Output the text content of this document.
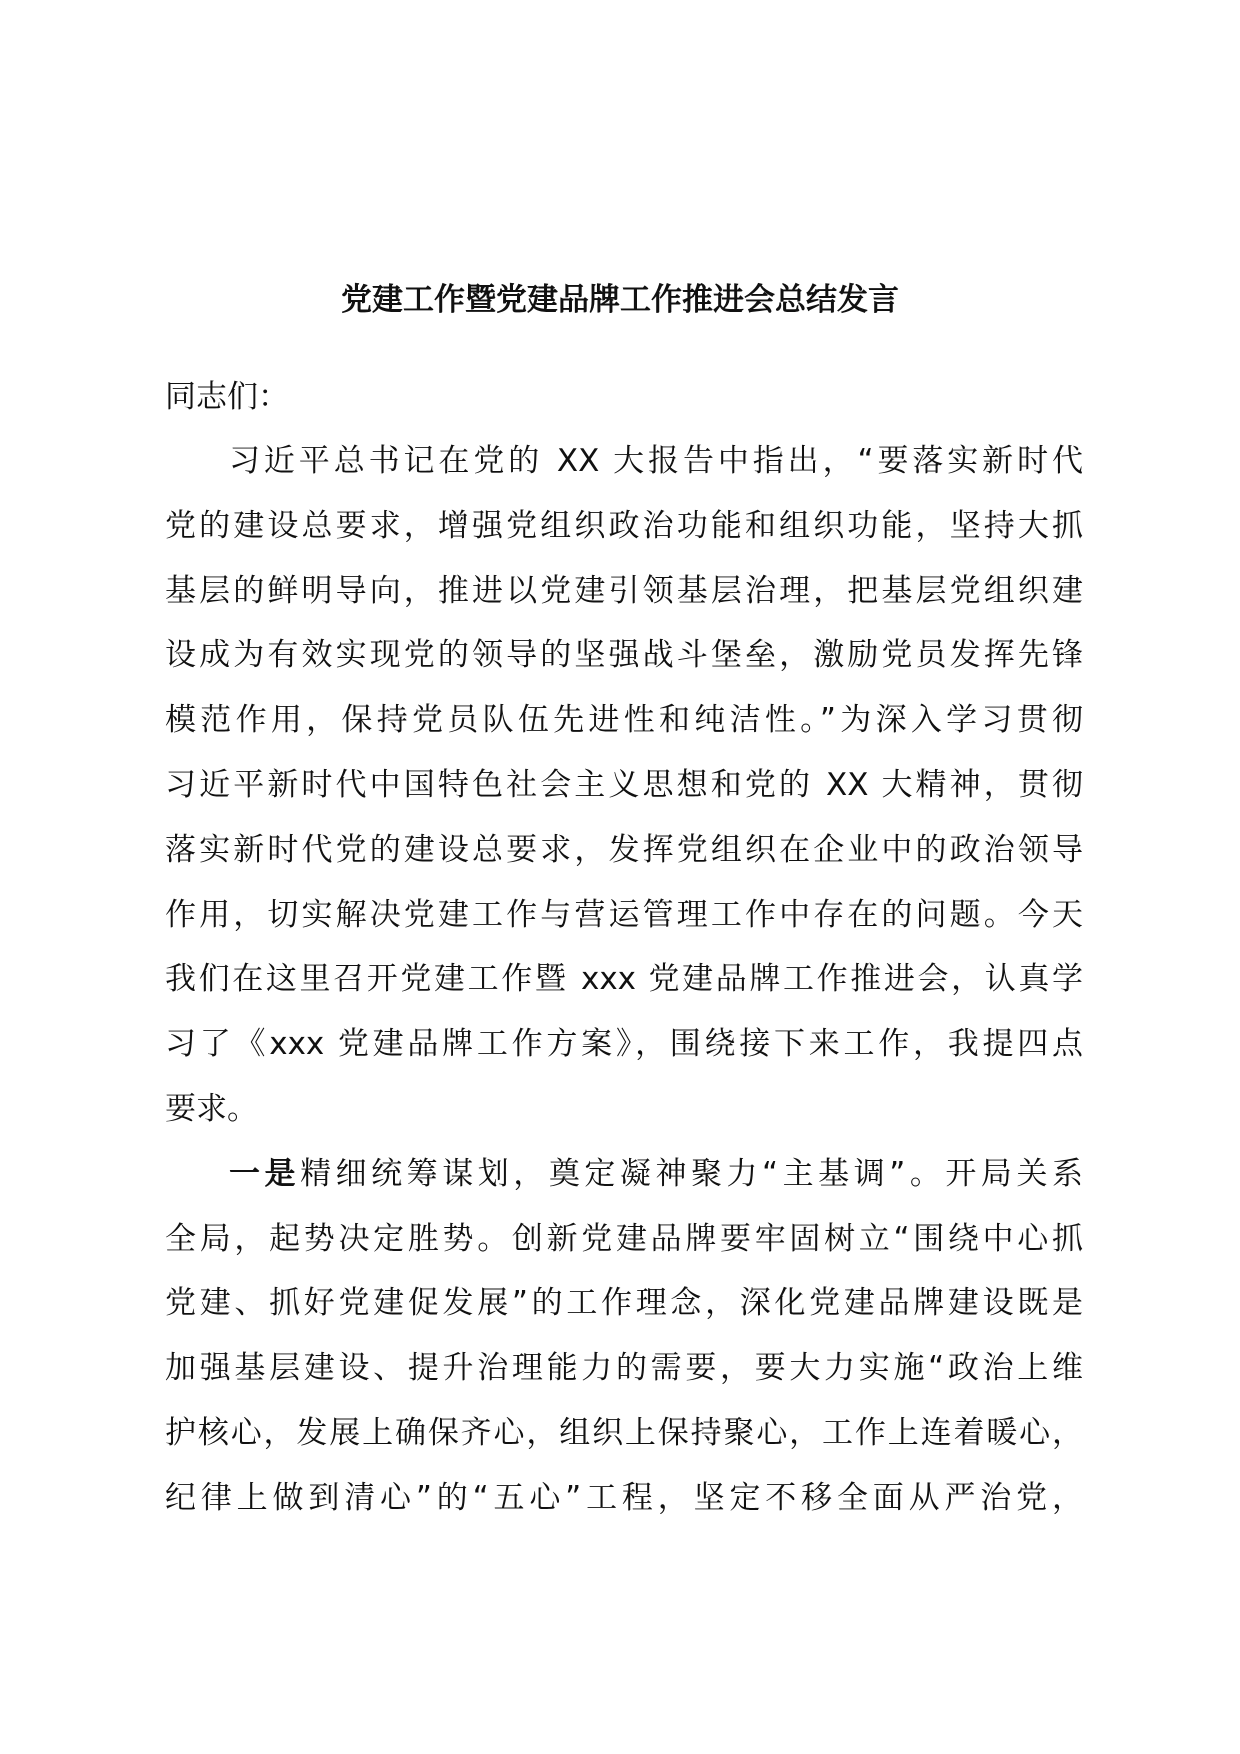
党建工作暨党建品牌工作推进会总结发言
同志们：
习近平总书记在党的 XX 大报告中指出，“要落实新时代
党的建设总要求，增强党组织政治功能和组织功能，坚持大抓
基层的鲜明导向，推进以党建引领基层治理，把基层党组织建
设成为有效实现党的领导的坚强战斗堡垒，激励党员发挥先锋
模范作用，保持党员队伍先进性和纯洁性。”为深入学习贯彻
习近平新时代中国特色社会主义思想和党的 XX 大精神，贯彻
落实新时代党的建设总要求，发挥党组织在企业中的政治领导
作用，切实解决党建工作与营运管理工作中存在的问题。今天
我们在这里召开党建工作暨 xxx 党建品牌工作推进会，认真学
习了《xxx 党建品牌工作方案》，围绕接下来工作，我提四点
要求。
一是精细统筹谋划，奠定凝神聚力“主基调”。开局关系
全局，起势决定胜势。创新党建品牌要牢固树立“围绕中心抓
党建、抓好党建促发展”的工作理念，深化党建品牌建设既是
加强基层建设、提升治理能力的需要，要大力实施“政治上维
护核心，发展上确保齐心，组织上保持聚心，工作上连着暖心，
纪律上做到清心”的“五心”工程，坚定不移全面从严治党，
